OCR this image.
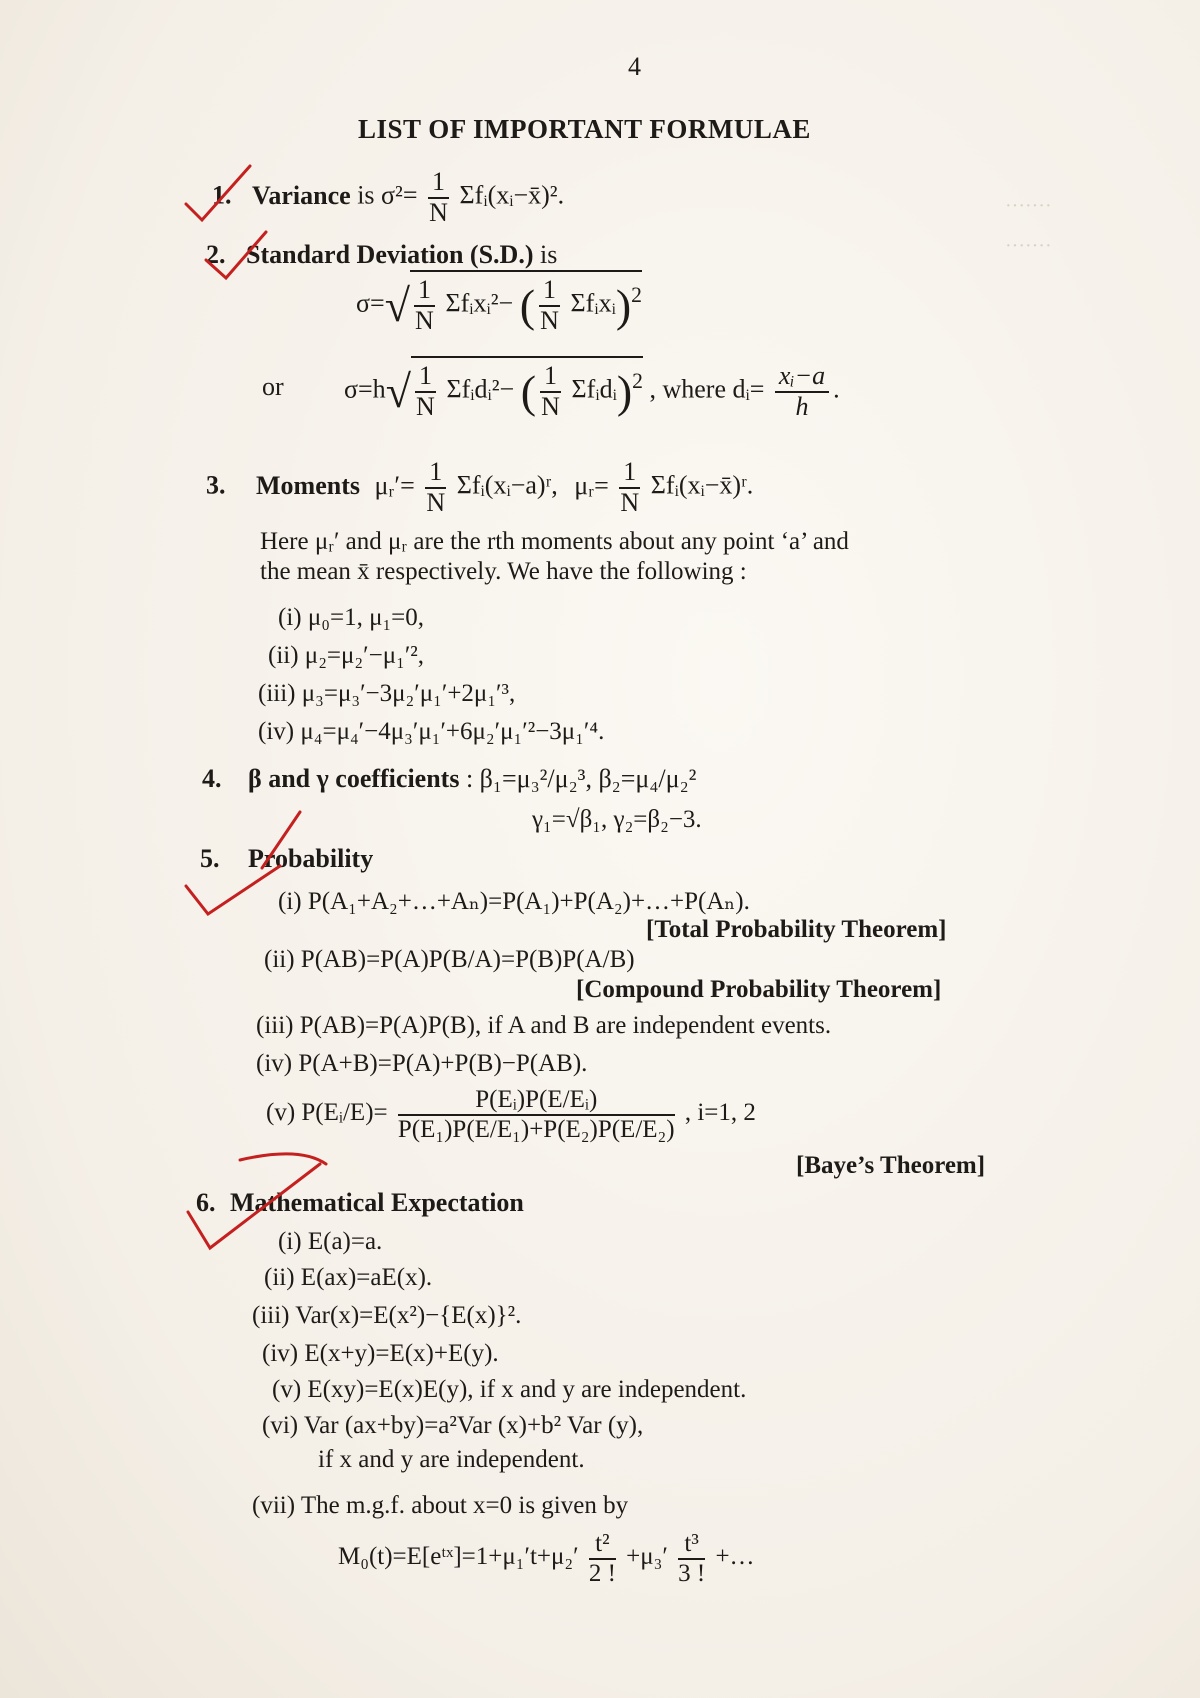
·······
·······
4
LIST OF IMPORTANT FORMULAE
1. Variance is $\sigma^2= \frac{1}{N}$ Σfᵢ(xᵢ−x̄)².
2. Standard Deviation (S.D.) is
$\sigma=√ \frac{1}{N}$ Σfᵢxᵢ²− ( $\frac{1}{N}$ Σfᵢxᵢ)$^2$
or $\sigma=h√ \frac{1}{N}$ Σfᵢdᵢ²− ( $\frac{1}{N}$ Σfᵢdᵢ)$^2$ , where dᵢ= $\frac{\text{xᵢ−a}}{h}$ .
3. Moments μᵣ′= $\frac{1}{N}$ Σfᵢ(xᵢ−a)ʳ, μᵣ= $\frac{1}{N}$ Σfᵢ(xᵢ−x̄)ʳ.
Here μᵣ′ and μᵣ are the rth moments about any point ‘a’ and
the mean x̄ respectively. We have the following :
(i) μ₀=1, μ₁=0,
(ii) μ₂=μ₂′−μ₁′²,
(iii) μ₃=μ₃′−3μ₂′μ₁′+2μ₁′³,
(iv) μ₄=μ₄′−4μ₃′μ₁′+6μ₂′μ₁′²−3μ₁′⁴.
4. β and γ coefficients : β₁=μ₃²/μ₂³, β₂=μ₄/μ₂²
γ₁=√β₁, γ₂=β₂−3.
5. Probability
(i) P(A₁+A₂+…+Aₙ)=P(A₁)+P(A₂)+…+P(Aₙ).
[Total Probability Theorem]
(ii) P(AB)=P(A)P(B/A)=P(B)P(A/B)
[Compound Probability Theorem]
(iii) P(AB)=P(A)P(B), if A and B are independent events.
(iv) P(A+B)=P(A)+P(B)−P(AB).
(v) P(Eᵢ/E)= $\frac{\text{P(Eᵢ)P(E/Eᵢ)}}{\text{P(E₁)P(E/E₁)+P(E₂)P(E/E₂)}}$ , i=1, 2
[Baye’s Theorem]
6. Mathematical Expectation
(i) E(a)=a.
(ii) E(ax)=aE(x).
(iii) Var(x)=E(x²)−{E(x)}².
(iv) E(x+y)=E(x)+E(y).
(v) E(xy)=E(x)E(y), if x and y are independent.
(vi) Var (ax+by)=a²Var (x)+b² Var (y),
if x and y are independent.
(vii) The m.g.f. about x=0 is given by
M₀(t)=E[eᵗˣ]=1+μ₁′t+μ₂′ $\frac{\text{t²}}{2 !} +\mu_3' \frac{\text{t³}}{3 !}$ +…
